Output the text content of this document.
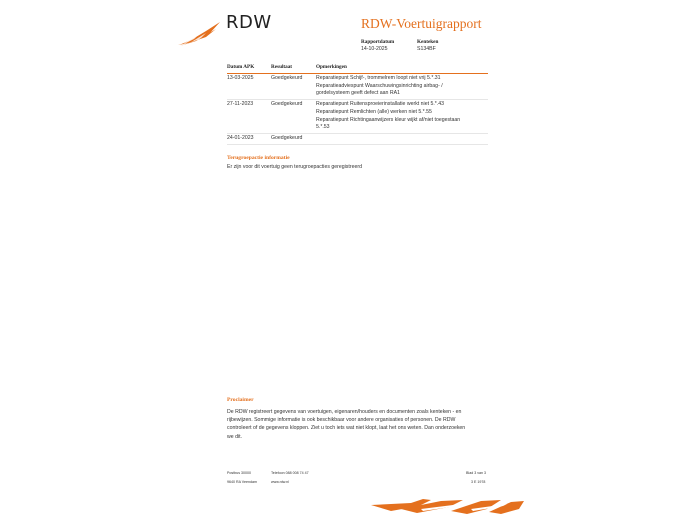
RDW	RDW-Voertuigrapport
Rapportdatum
14-10-2025
Kenteken
S134BF
Datum APK	Resultaat	Opmerkingen
13-03-2025	Goedgekeurd	Reparatiepunt Schijf-, trommelrem loopt niet vrij 5.*.31
Reparatieadviespunt Waarschuwingsinrichting airbag- /
gordelsysteem geeft defect aan RA1

27-11-2023	Goedgekeurd	Reparatiepunt Ruitensproeierinstallatie werkt niet 5.*.43
Reparatiepunt Remlichten (alle) werken niet 5.*.55
Reparatiepunt Richtingaanwijzers kleur wijkt af/niet toegestaan
5.*.53

24-01-2023	Goedgekeurd	
Terugroepactie informatie
Er zijn voor dit voertuig geen terugroepacties geregistreerd
Proclaimer
De RDW registreert gegevens van voertuigen, eigenaren/houders en documenten zoals kenteken - en
rijbewijzen. Sommige informatie is ook beschikbaar voor andere organisaties of personen. De RDW
controleert of de gegevens kloppen. Ziet u toch iets wat niet klopt, laat het ons weten. Dan onderzoeken
we dit.
Postbus 30000
9640 RA Veendam
Telefoon 088 008 74 47
www.rdw.nl
Blad 3 van 3
3 E 1978
